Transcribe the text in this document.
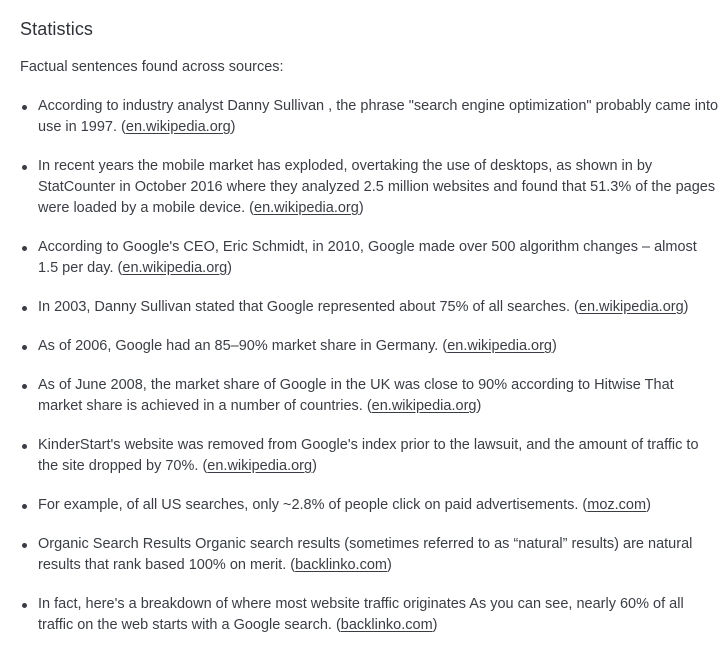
Statistics

Factual sentences found across sources:

According to industry analyst Danny Sullivan , the phrase "search engine optimization" probably came into use in 1997. (en.wikipedia.org)
In recent years the mobile market has exploded, overtaking the use of desktops, as shown in by StatCounter in October 2016 where they analyzed 2.5 million websites and found that 51.3% of the pages were loaded by a mobile device. (en.wikipedia.org)
According to Google's CEO, Eric Schmidt, in 2010, Google made over 500 algorithm changes – almost 1.5 per day. (en.wikipedia.org)
In 2003, Danny Sullivan stated that Google represented about 75% of all searches. (en.wikipedia.org)
As of 2006, Google had an 85–90% market share in Germany. (en.wikipedia.org)
As of June 2008, the market share of Google in the UK was close to 90% according to Hitwise That market share is achieved in a number of countries. (en.wikipedia.org)
KinderStart's website was removed from Google's index prior to the lawsuit, and the amount of traffic to the site dropped by 70%. (en.wikipedia.org)
For example, of all US searches, only ~2.8% of people click on paid advertisements. (moz.com)
Organic Search Results Organic search results (sometimes referred to as “natural” results) are natural results that rank based 100% on merit. (backlinko.com)
In fact, here's a breakdown of where most website traffic originates As you can see, nearly 60% of all traffic on the web starts with a Google search. (backlinko.com)
